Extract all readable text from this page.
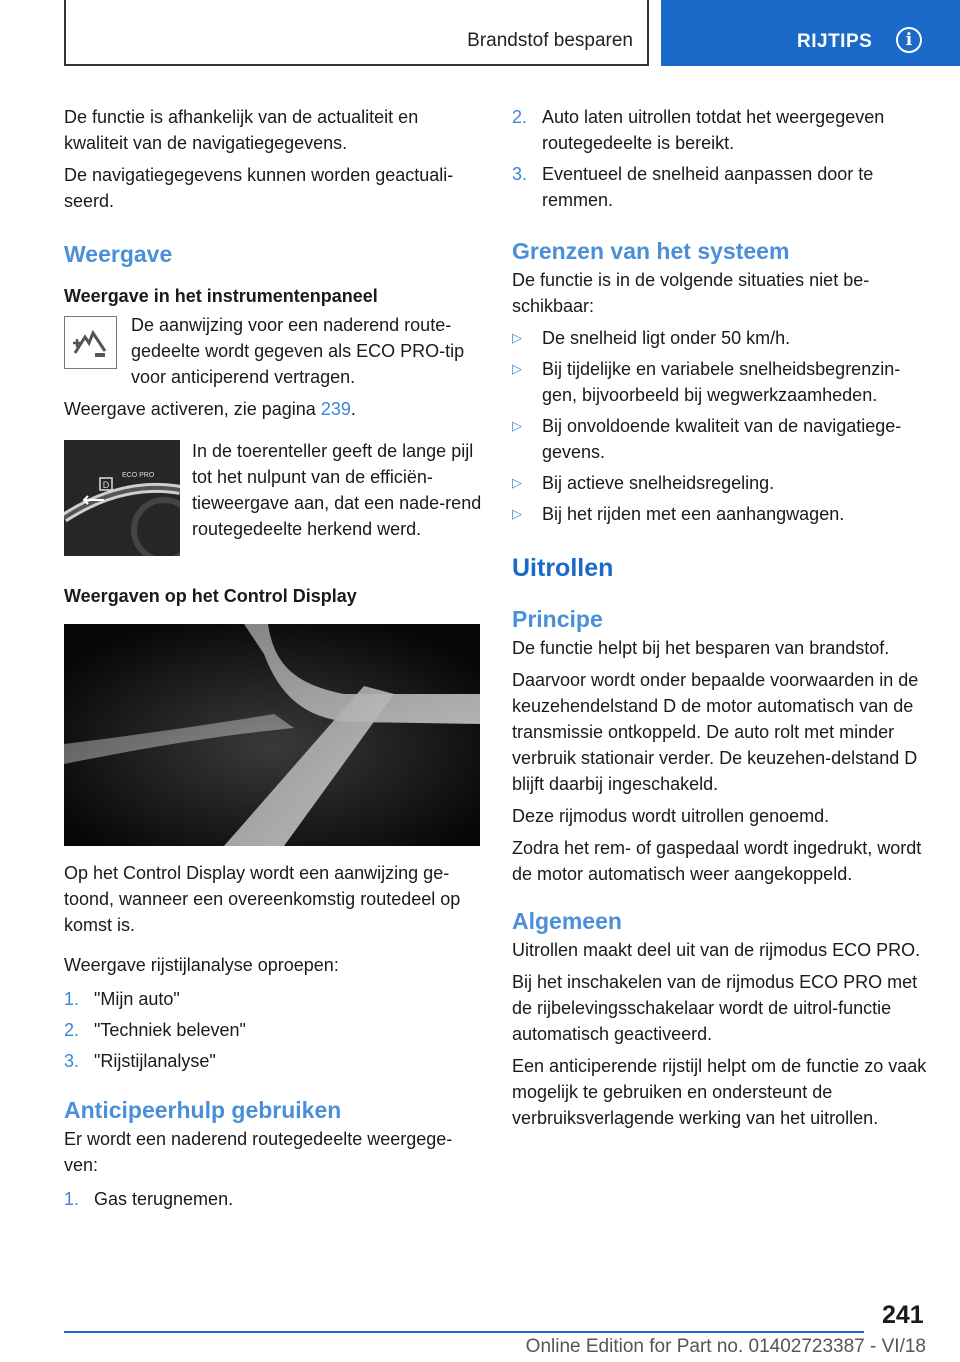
Brandstof besparen	RIJTIPS	i

De functie is afhankelijk van de actualiteit en kwaliteit van de navigatiegegevens.

De navigatiegegevens kunnen worden geactuali‐seerd.

Weergave
Weergave in het instrumentenpaneel

De aanwijzing voor een naderend route‐gedeelte wordt gegeven als ECO PRO-tip voor anticiperend vertragen.

Weergave activeren, zie pagina 239.

D
ECO PRO

In de toerenteller geeft de lange pijl tot het nulpunt van de efficiën‐tieweergave aan, dat een nade‐rend routegedeelte herkend werd.

Weergaven op het Control Display

Op het Control Display wordt een aanwijzing ge‐toond, wanneer een overeenkomstig routedeel op komst is.

Weergave rijstijlanalyse oproepen:

1. "Mijn auto"
2. "Techniek beleven"
3. "Rijstijlanalyse"
Anticipeerhulp gebruiken

Er wordt een naderend routegedeelte weergege‐ven:

1. Gas terugnemen.
2. Auto laten uitrollen totdat het weergegeven routegedeelte is bereikt.
3. Eventueel de snelheid aanpassen door te remmen.
Grenzen van het systeem

De functie is in de volgende situaties niet be‐schikbaar:

▷ De snelheid ligt onder 50 km/h.
▷ Bij tijdelijke en variabele snelheidsbegrenzin‐gen, bijvoorbeeld bij wegwerkzaamheden.
▷ Bij onvoldoende kwaliteit van de navigatiege‐gevens.
▷ Bij actieve snelheidsregeling.
▷ Bij het rijden met een aanhangwagen.
Uitrollen
Principe

De functie helpt bij het besparen van brandstof.

Daarvoor wordt onder bepaalde voorwaarden in de keuzehendelstand D de motor automatisch van de transmissie ontkoppeld. De auto rolt met minder verbruik stationair verder. De keuzehen‐delstand D blijft daarbij ingeschakeld.

Deze rijmodus wordt uitrollen genoemd.

Zodra het rem- of gaspedaal wordt ingedrukt, wordt de motor automatisch weer aangekoppeld.

Algemeen

Uitrollen maakt deel uit van de rijmodus ECO PRO.

Bij het inschakelen van de rijmodus ECO PRO met de rijbelevingsschakelaar wordt de uitrol‐functie automatisch geactiveerd.

Een anticiperende rijstijl helpt om de functie zo vaak mogelijk te gebruiken en ondersteunt de verbruiksverlagende werking van het uitrollen.

241
Online Edition for Part no. 01402723387 - VI/18
